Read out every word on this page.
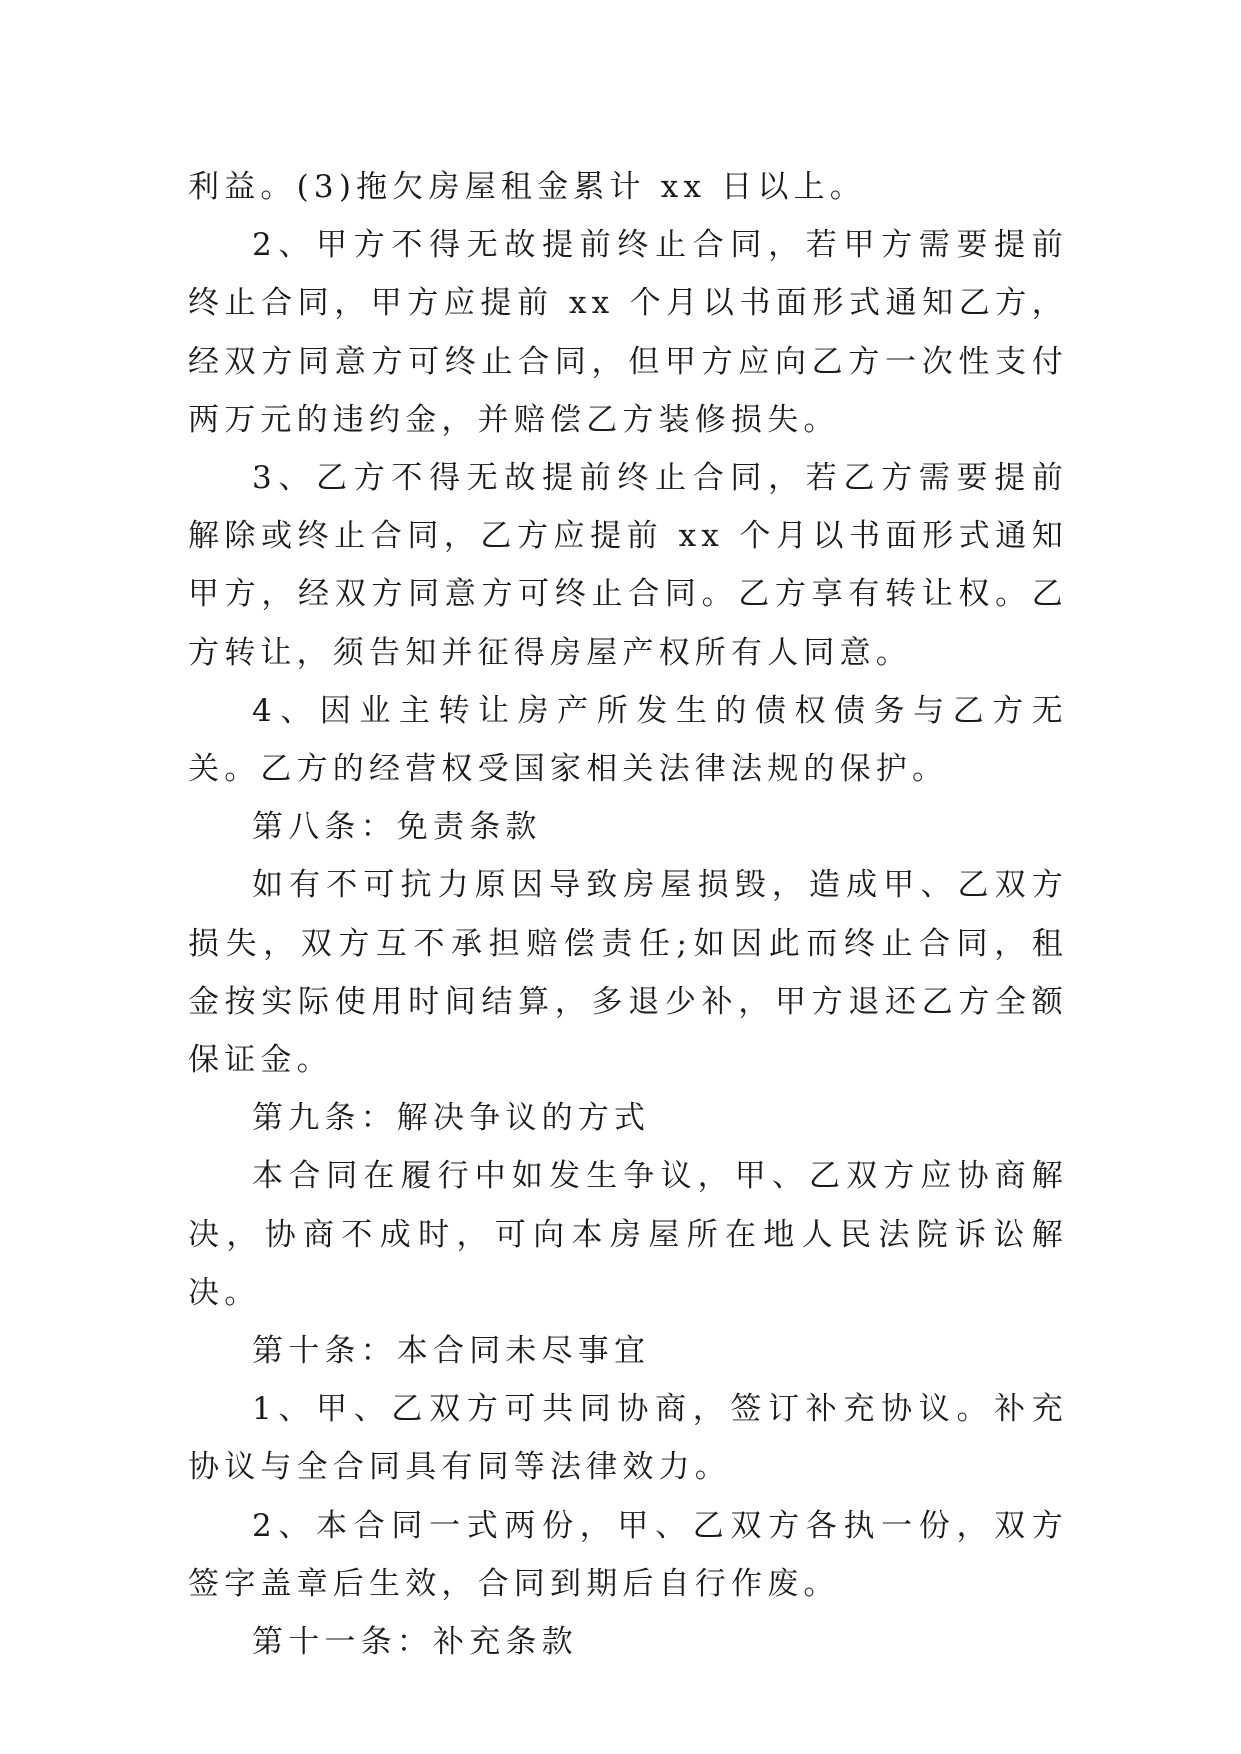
利益。(3)拖欠房屋租金累计 xx 日以上。

2、甲方不得无故提前终止合同，若甲方需要提前终止合同，甲方应提前 xx 个月以书面形式通知乙方，经双方同意方可终止合同，但甲方应向乙方一次性支付两万元的违约金，并赔偿乙方装修损失。

3、乙方不得无故提前终止合同，若乙方需要提前解除或终止合同，乙方应提前 xx 个月以书面形式通知甲方，经双方同意方可终止合同。乙方享有转让权。乙方转让，须告知并征得房屋产权所有人同意。

4、因业主转让房产所发生的债权债务与乙方无关。乙方的经营权受国家相关法律法规的保护。

第八条：免责条款

如有不可抗力原因导致房屋损毁，造成甲、乙双方损失，双方互不承担赔偿责任;如因此而终止合同，租金按实际使用时间结算，多退少补，甲方退还乙方全额保证金。

第九条：解决争议的方式

本合同在履行中如发生争议，甲、乙双方应协商解决，协商不成时，可向本房屋所在地人民法院诉讼解决。

第十条：本合同未尽事宜

1、甲、乙双方可共同协商，签订补充协议。补充协议与全合同具有同等法律效力。

2、本合同一式两份，甲、乙双方各执一份，双方签字盖章后生效，合同到期后自行作废。

第十一条：补充条款
